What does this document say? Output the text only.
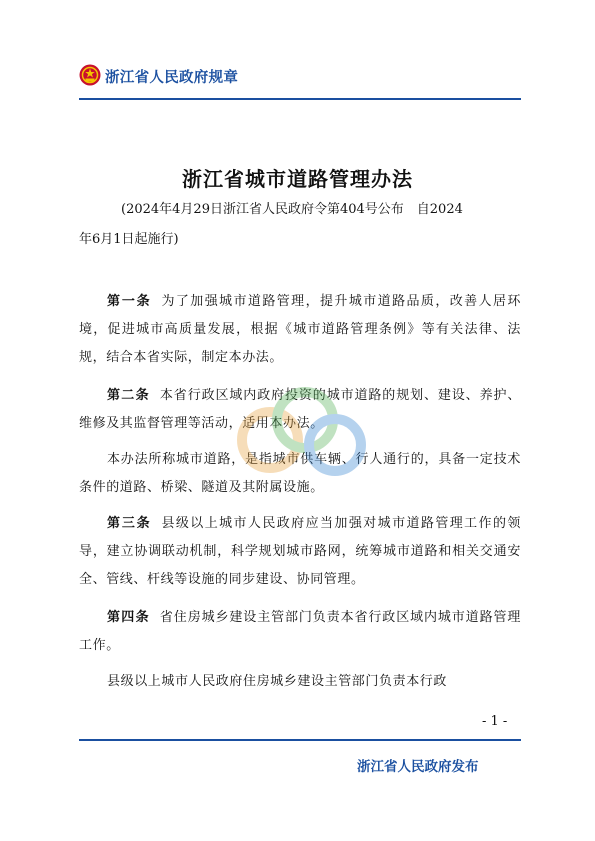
浙江省人民政府规章
浙江省城市道路管理办法
(2024年4月29日浙江省人民政府令第404号公布　自2024
年6月1日起施行)
第一条 为了加强城市道路管理，提升城市道路品质，改善人居环境，促进城市高质量发展，根据《城市道路管理条例》等有关法律、法规，结合本省实际，制定本办法。
第二条 本省行政区域内政府投资的城市道路的规划、建设、养护、维修及其监督管理等活动，适用本办法。
本办法所称城市道路，是指城市供车辆、行人通行的，具备一定技术条件的道路、桥梁、隧道及其附属设施。
第三条 县级以上城市人民政府应当加强对城市道路管理工作的领导，建立协调联动机制，科学规划城市路网，统筹城市道路和相关交通安全、管线、杆线等设施的同步建设、协同管理。
第四条 省住房城乡建设主管部门负责本省行政区域内城市道路管理工作。
县级以上城市人民政府住房城乡建设主管部门负责本行政
- 1 -
浙江省人民政府发布
